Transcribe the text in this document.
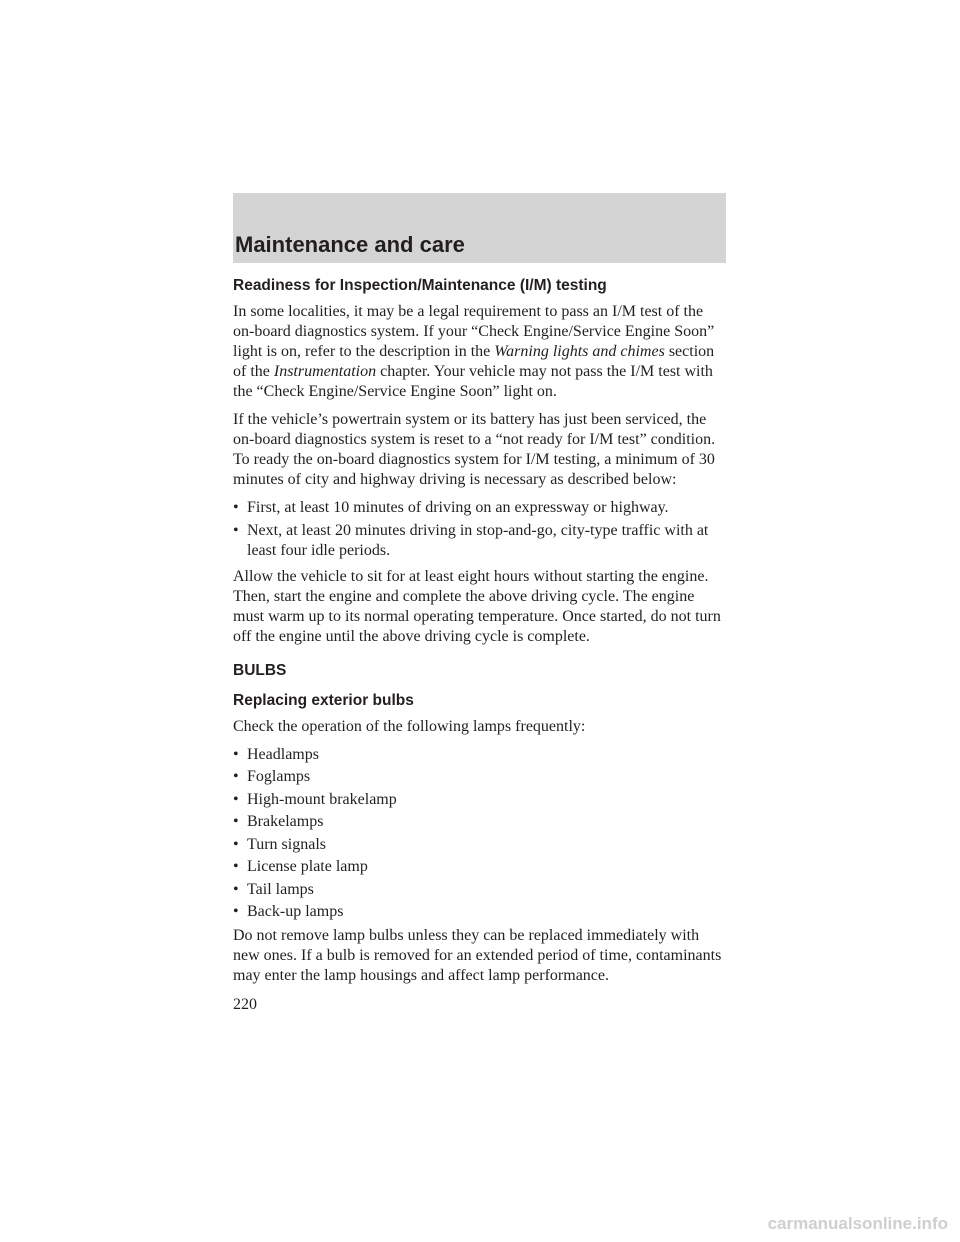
Maintenance and care
Readiness for Inspection/Maintenance (I/M) testing

In some localities, it may be a legal requirement to pass an I/M test of the on-board diagnostics system. If your “Check Engine/Service Engine Soon” light is on, refer to the description in the Warning lights and chimes section of the Instrumentation chapter. Your vehicle may not pass the I/M test with the “Check Engine/Service Engine Soon” light on.

If the vehicle’s powertrain system or its battery has just been serviced, the on-board diagnostics system is reset to a “not ready for I/M test” condition. To ready the on-board diagnostics system for I/M testing, a minimum of 30 minutes of city and highway driving is necessary as described below:

• First, at least 10 minutes of driving on an expressway or highway.
• Next, at least 20 minutes driving in stop-and-go, city-type traffic with at least four idle periods.

Allow the vehicle to sit for at least eight hours without starting the engine. Then, start the engine and complete the above driving cycle. The engine must warm up to its normal operating temperature. Once started, do not turn off the engine until the above driving cycle is complete.

BULBS
Replacing exterior bulbs

Check the operation of the following lamps frequently:

• Headlamps
• Foglamps
• High-mount brakelamp
• Brakelamps
• Turn signals
• License plate lamp
• Tail lamps
• Back-up lamps

Do not remove lamp bulbs unless they can be replaced immediately with new ones. If a bulb is removed for an extended period of time, contaminants may enter the lamp housings and affect lamp performance.

220
carmanualsonline.info
